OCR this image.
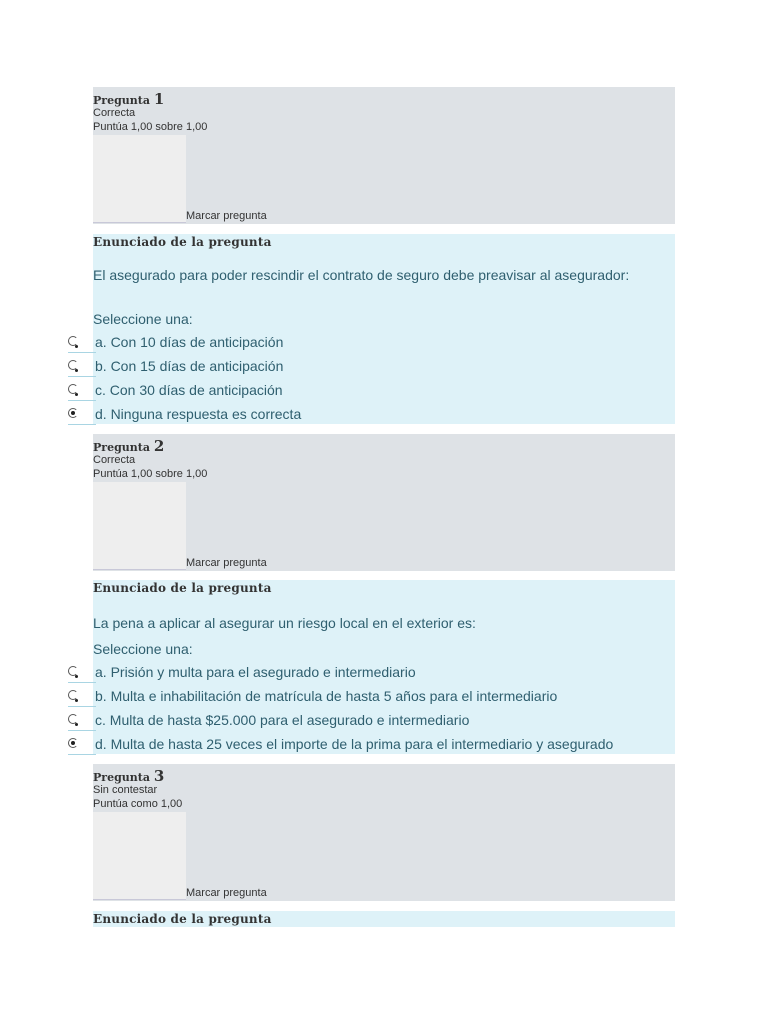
Pregunta 1
Correcta
Puntúa 1,00 sobre 1,00
Marcar pregunta
Enunciado de la pregunta
El asegurado para poder rescindir el contrato de seguro debe preavisar al asegurador:
Seleccione una:
a. Con 10 días de anticipación
b. Con 15 días de anticipación
c. Con 30 días de anticipación
d. Ninguna respuesta es correcta
Pregunta 2
Correcta
Puntúa 1,00 sobre 1,00
Marcar pregunta
Enunciado de la pregunta
La pena a aplicar al asegurar un riesgo local en el exterior es:
Seleccione una:
a. Prisión y multa para el asegurado e intermediario
b. Multa e inhabilitación de matrícula de hasta 5 años para el intermediario
c. Multa de hasta $25.000 para el asegurado e intermediario
d. Multa de hasta 25 veces el importe de la prima para el intermediario y asegurado
Pregunta 3
Sin contestar
Puntúa como 1,00
Marcar pregunta
Enunciado de la pregunta
